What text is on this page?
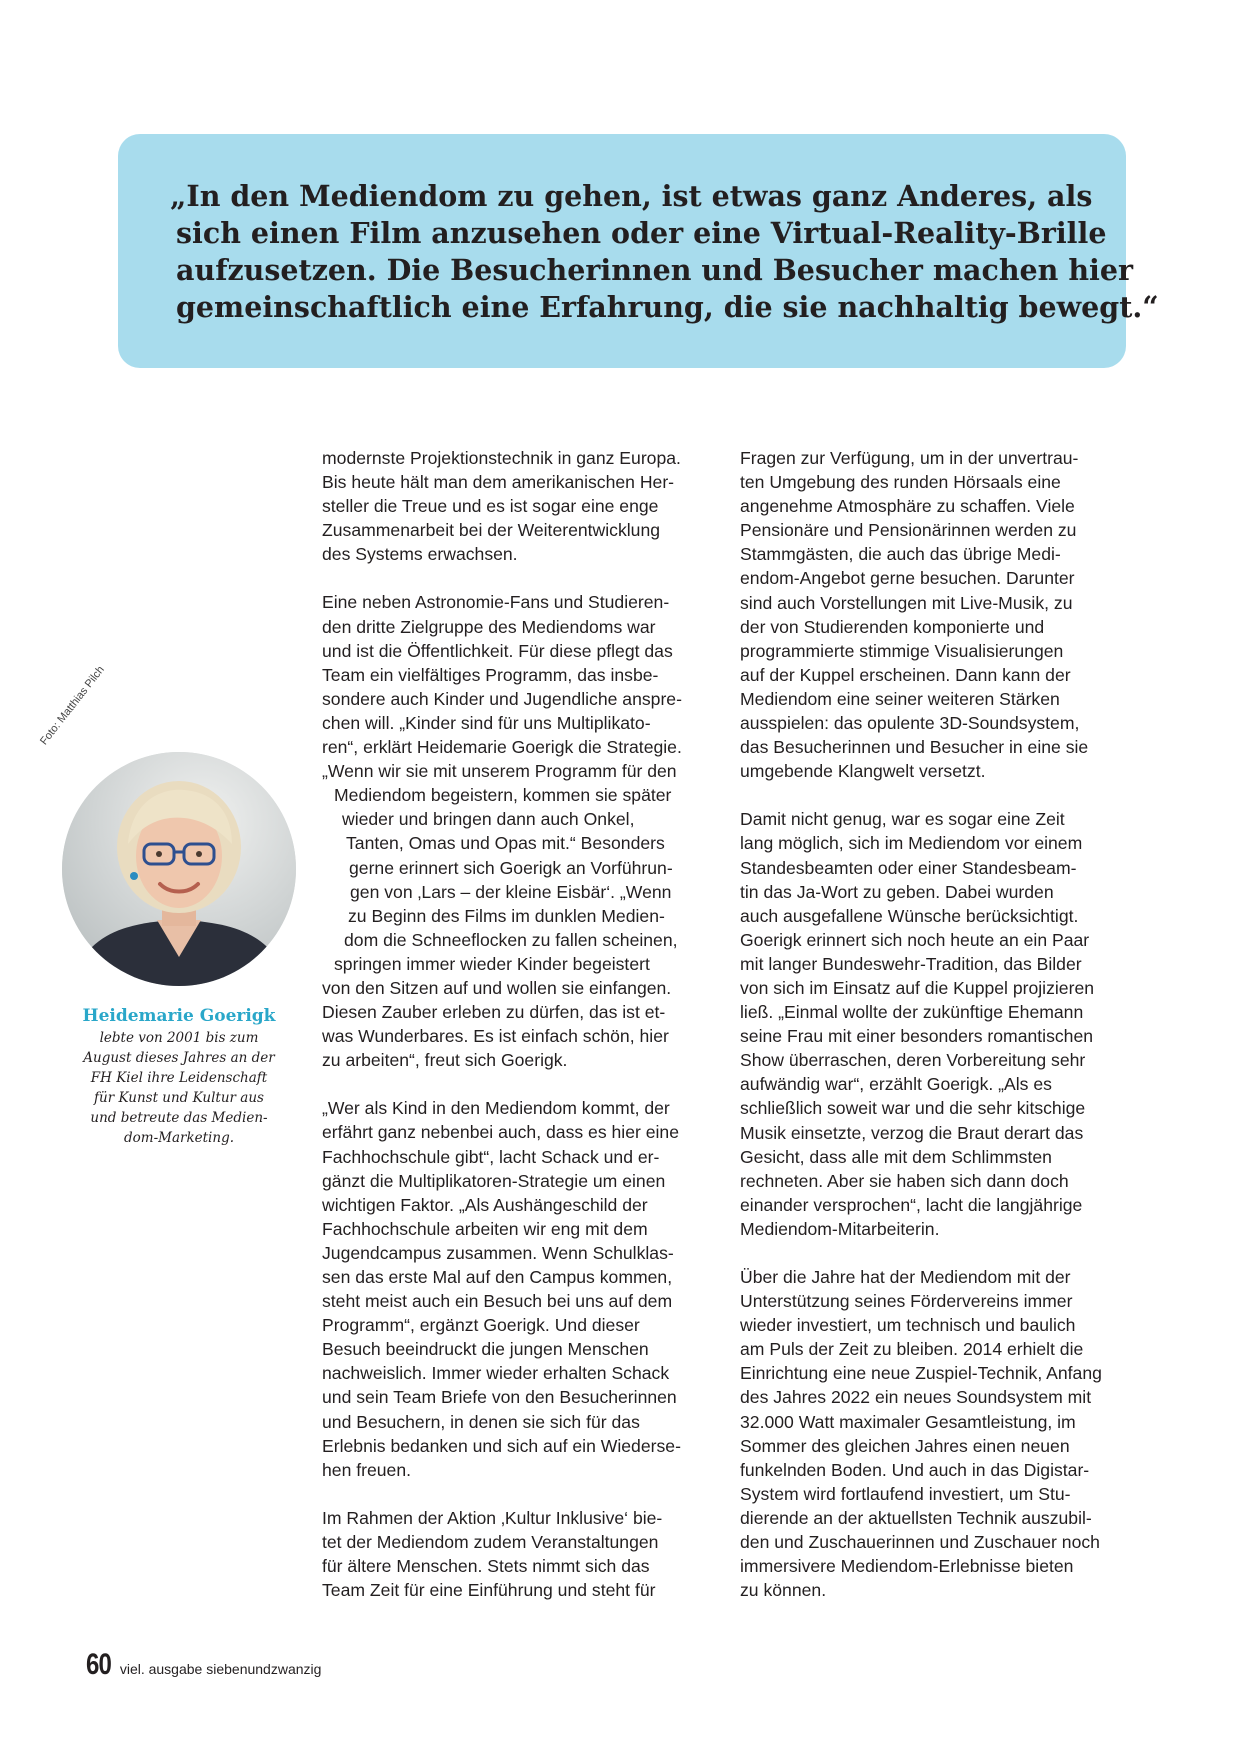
„In den Mediendom zu gehen, ist etwas ganz Anderes, als
sich einen Film anzusehen oder eine Virtual-Reality-Brille
aufzusetzen. Die Besucherinnen und Besucher machen hier
gemeinschaftlich eine Erfahrung, die sie nachhaltig bewegt.“

Foto: Matthias Pilch
Heidemarie Goerigk
lebte von 2001 bis zum
August dieses Jahres an der
FH Kiel ihre Leidenschaft
für Kunst und Kultur aus
und betreute das Medien-
dom-Marketing.

modernste Projektionstechnik in ganz Europa.
Bis heute hält man dem amerikanischen Her-
steller die Treue und es ist sogar eine enge
Zusammenarbeit bei der Weiterentwicklung
des Systems erwachsen.

Eine neben Astronomie-Fans und Studieren-
den dritte Zielgruppe des Mediendoms war
und ist die Öffentlichkeit. Für diese pflegt das
Team ein vielfältiges Programm, das insbe-
sondere auch Kinder und Jugendliche anspre-
chen will. „Kinder sind für uns Multiplikato-
ren“, erklärt Heidemarie Goerigk die Strategie.
„Wenn wir sie mit unserem Programm für den
Mediendom begeistern, kommen sie später
wieder und bringen dann auch Onkel,
Tanten, Omas und Opas mit.“ Besonders
gerne erinnert sich Goerigk an Vorführun-
gen von ‚Lars – der kleine Eisbär‘. „Wenn
zu Beginn des Films im dunklen Medien-
dom die Schneeflocken zu fallen scheinen,
springen immer wieder Kinder begeistert
von den Sitzen auf und wollen sie einfangen.
Diesen Zauber erleben zu dürfen, das ist et-
was Wunderbares. Es ist einfach schön, hier
zu arbeiten“, freut sich Goerigk.

„Wer als Kind in den Mediendom kommt, der
erfährt ganz nebenbei auch, dass es hier eine
Fachhochschule gibt“, lacht Schack und er-
gänzt die Multiplikatoren-Strategie um einen
wichtigen Faktor. „Als Aushängeschild der
Fachhochschule arbeiten wir eng mit dem
Jugendcampus zusammen. Wenn Schulklas-
sen das erste Mal auf den Campus kommen,
steht meist auch ein Besuch bei uns auf dem
Programm“, ergänzt Goerigk. Und dieser
Besuch beeindruckt die jungen Menschen
nachweislich. Immer wieder erhalten Schack
und sein Team Briefe von den Besucherinnen
und Besuchern, in denen sie sich für das
Erlebnis bedanken und sich auf ein Wiederse-
hen freuen.

Im Rahmen der Aktion ‚Kultur Inklusive‘ bie-
tet der Mediendom zudem Veranstaltungen
für ältere Menschen. Stets nimmt sich das
Team Zeit für eine Einführung und steht für

Fragen zur Verfügung, um in der unvertrau-
ten Umgebung des runden Hörsaals eine
angenehme Atmosphäre zu schaffen. Viele
Pensionäre und Pensionärinnen werden zu
Stammgästen, die auch das übrige Medi-
endom-Angebot gerne besuchen. Darunter
sind auch Vorstellungen mit Live-Musik, zu
der von Studierenden komponierte und
programmierte stimmige Visualisierungen
auf der Kuppel erscheinen. Dann kann der
Mediendom eine seiner weiteren Stärken
ausspielen: das opulente 3D-Soundsystem,
das Besucherinnen und Besucher in eine sie
umgebende Klangwelt versetzt.

Damit nicht genug, war es sogar eine Zeit
lang möglich, sich im Mediendom vor einem
Standesbeamten oder einer Standesbeam-
tin das Ja-Wort zu geben. Dabei wurden
auch ausgefallene Wünsche berücksichtigt.
Goerigk erinnert sich noch heute an ein Paar
mit langer Bundeswehr-Tradition, das Bilder
von sich im Einsatz auf die Kuppel projizieren
ließ. „Einmal wollte der zukünftige Ehemann
seine Frau mit einer besonders romantischen
Show überraschen, deren Vorbereitung sehr
aufwändig war“, erzählt Goerigk. „Als es
schließlich soweit war und die sehr kitschige
Musik einsetzte, verzog die Braut derart das
Gesicht, dass alle mit dem Schlimmsten
rechneten. Aber sie haben sich dann doch
einander versprochen“, lacht die langjährige
Mediendom-Mitarbeiterin.

Über die Jahre hat der Mediendom mit der
Unterstützung seines Fördervereins immer
wieder investiert, um technisch und baulich
am Puls der Zeit zu bleiben. 2014 erhielt die
Einrichtung eine neue Zuspiel-Technik, Anfang
des Jahres 2022 ein neues Soundsystem mit
32.000 Watt maximaler Gesamtleistung, im
Sommer des gleichen Jahres einen neuen
funkelnden Boden. Und auch in das Digistar-
System wird fortlaufend investiert, um Stu-
dierende an der aktuellsten Technik auszubil-
den und Zuschauerinnen und Zuschauer noch
immersivere Mediendom-Erlebnisse bieten
zu können.

60 viel. ausgabe siebenundzwanzig
